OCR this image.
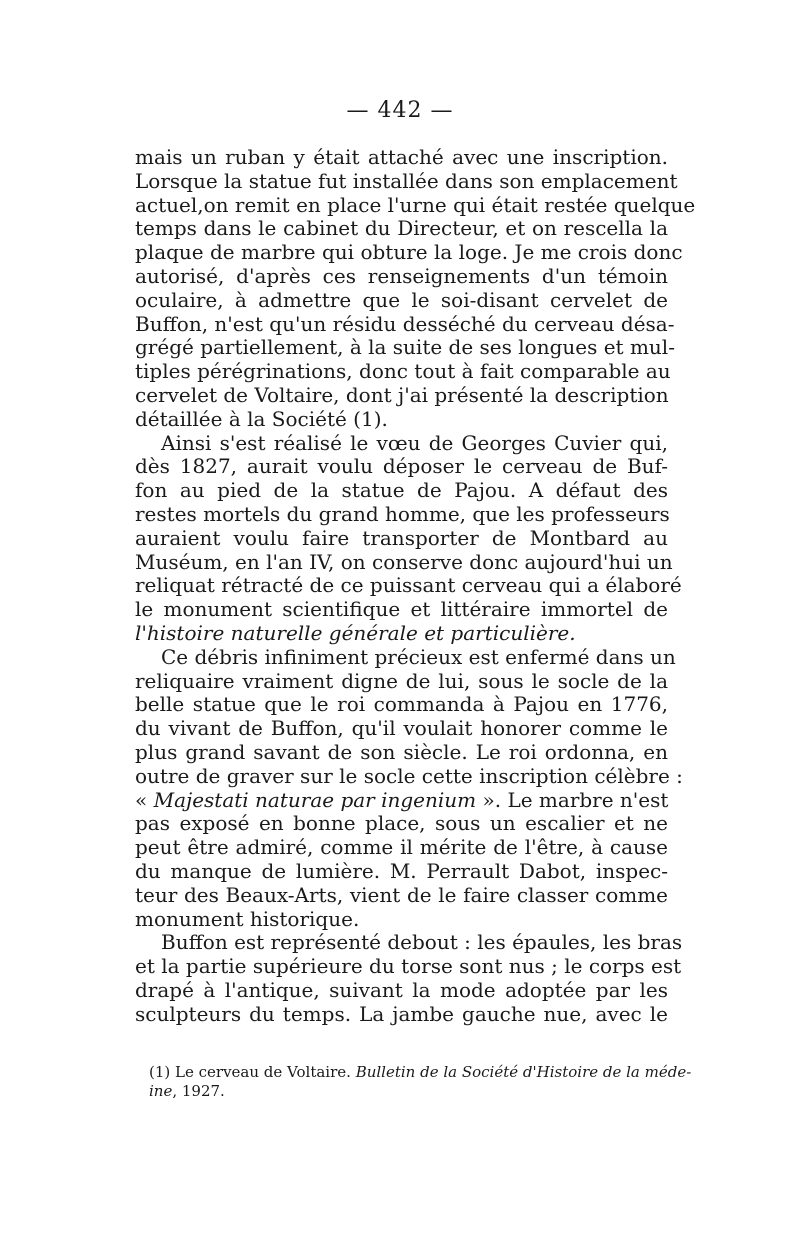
— 442 —
mais un ruban y était attaché avec une inscription.
Lorsque la statue fut installée dans son emplacement
actuel,on remit en place l'urne qui était restée quelque
temps dans le cabinet du Directeur, et on rescella la
plaque de marbre qui obture la loge. Je me crois donc
autorisé, d'après ces renseignements d'un témoin
oculaire, à admettre que le soi-disant cervelet de
Buffon, n'est qu'un résidu desséché du cerveau désa-
grégé partiellement, à la suite de ses longues et mul-
tiples pérégrinations, donc tout à fait comparable au
cervelet de Voltaire, dont j'ai présenté la description
détaillée à la Société (1).
Ainsi s'est réalisé le vœu de Georges Cuvier qui,
dès 1827, aurait voulu déposer le cerveau de Buf-
fon au pied de la statue de Pajou. A défaut des
restes mortels du grand homme, que les professeurs
auraient voulu faire transporter de Montbard au
Muséum, en l'an IV, on conserve donc aujourd'hui un
reliquat rétracté de ce puissant cerveau qui a élaboré
le monument scientifique et littéraire immortel de
l'histoire naturelle générale et particulière.
Ce débris infiniment précieux est enfermé dans un
reliquaire vraiment digne de lui, sous le socle de la
belle statue que le roi commanda à Pajou en 1776,
du vivant de Buffon, qu'il voulait honorer comme le
plus grand savant de son siècle. Le roi ordonna, en
outre de graver sur le socle cette inscription célèbre :
« Majestati naturae par ingenium ». Le marbre n'est
pas exposé en bonne place, sous un escalier et ne
peut être admiré, comme il mérite de l'être, à cause
du manque de lumière. M. Perrault Dabot, inspec-
teur des Beaux-Arts, vient de le faire classer comme
monument historique.
Buffon est représenté debout : les épaules, les bras
et la partie supérieure du torse sont nus ; le corps est
drapé à l'antique, suivant la mode adoptée par les
sculpteurs du temps. La jambe gauche nue, avec le
(1) Le cerveau de Voltaire. Bulletin de la Société d'Histoire de la méde-
ine, 1927.
